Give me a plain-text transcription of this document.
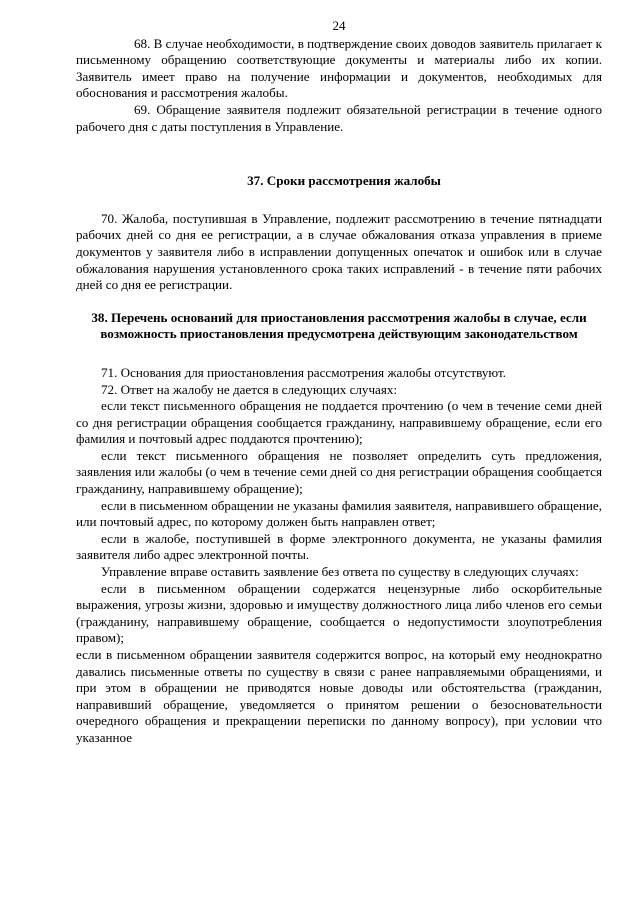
24

68. В случае необходимости, в подтверждение своих доводов заявитель прилагает к письменному обращению соответствующие документы и материалы либо их копии. Заявитель имеет право на получение информации и документов, необходимых для обоснования и рассмотрения жалобы.

69. Обращение заявителя подлежит обязательной регистрации в течение одного рабочего дня с даты поступления в Управление.

37. Сроки рассмотрения жалобы

70. Жалоба, поступившая в Управление, подлежит рассмотрению в течение пятнадцати рабочих дней со дня ее регистрации, а в случае обжалования отказа управления в приеме документов у заявителя либо в исправлении допущенных опечаток и ошибок или в случае обжалования нарушения установленного срока таких исправлений - в течение пяти рабочих дней со дня ее регистрации.

38. Перечень оснований для приостановления рассмотрения жалобы в случае, если возможность приостановления предусмотрена действующим законодательством

71. Основания для приостановления рассмотрения жалобы отсутствуют.

72. Ответ на жалобу не дается в следующих случаях:

если текст письменного обращения не поддается прочтению (о чем в течение семи дней со дня регистрации обращения сообщается гражданину, направившему обращение, если его фамилия и почтовый адрес поддаются прочтению);

если текст письменного обращения не позволяет определить суть предложения, заявления или жалобы (о чем в течение семи дней со дня регистрации обращения сообщается гражданину, направившему обращение);

если в письменном обращении не указаны фамилия заявителя, направившего обращение, или почтовый адрес, по которому должен быть направлен ответ;

если в жалобе, поступившей в форме электронного документа, не указаны фамилия заявителя либо адрес электронной почты.

Управление вправе оставить заявление без ответа по существу в следующих случаях:

если в письменном обращении содержатся нецензурные либо оскорбительные выражения, угрозы жизни, здоровью и имуществу должностного лица либо членов его семьи (гражданину, направившему обращение, сообщается о недопустимости злоупотребления правом);

если в письменном обращении заявителя содержится вопрос, на который ему неоднократно давались письменные ответы по существу в связи с ранее направляемыми обращениями, и при этом в обращении не приводятся новые доводы или обстоятельства (гражданин, направивший обращение, уведомляется о принятом решении о безосновательности очередного обращения и прекращении переписки по данному вопросу), при условии что указанное
